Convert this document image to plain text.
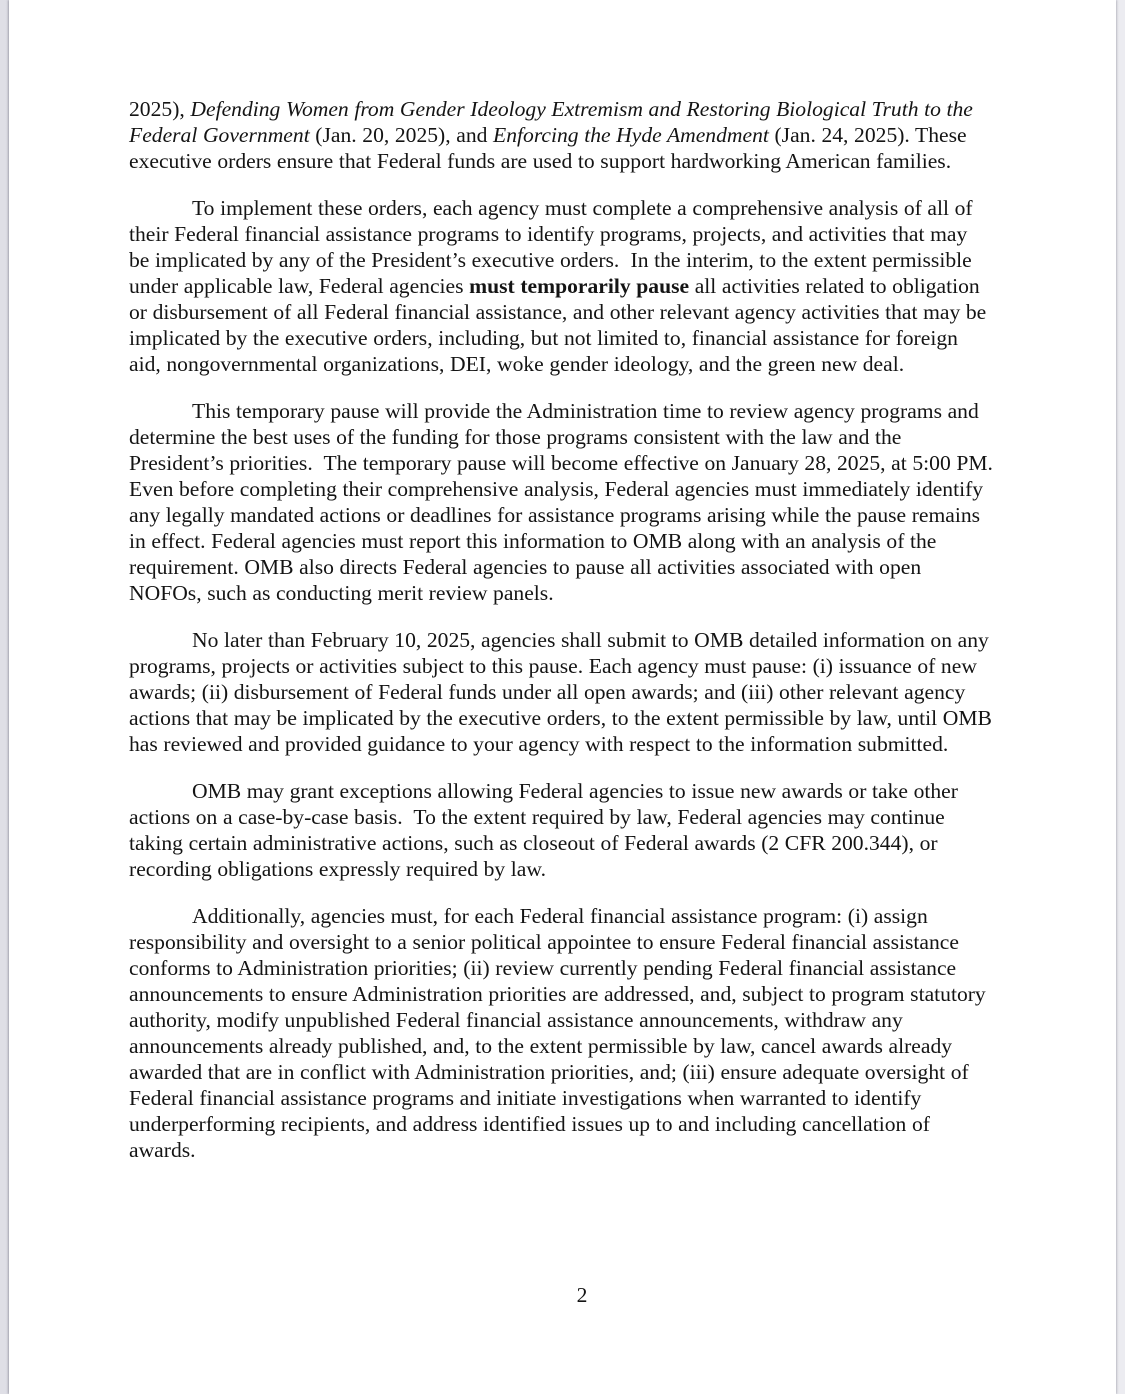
2025), Defending Women from Gender Ideology Extremism and Restoring Biological Truth to the Federal Government (Jan. 20, 2025), and Enforcing the Hyde Amendment (Jan. 24, 2025). These executive orders ensure that Federal funds are used to support hardworking American families.

To implement these orders, each agency must complete a comprehensive analysis of all of their Federal financial assistance programs to identify programs, projects, and activities that may be implicated by any of the President’s executive orders.  In the interim, to the extent permissible under applicable law, Federal agencies must temporarily pause all activities related to obligation or disbursement of all Federal financial assistance, and other relevant agency activities that may be implicated by the executive orders, including, but not limited to, financial assistance for foreign aid, nongovernmental organizations, DEI, woke gender ideology, and the green new deal.

This temporary pause will provide the Administration time to review agency programs and determine the best uses of the funding for those programs consistent with the law and the President’s priorities.  The temporary pause will become effective on January 28, 2025, at 5:00 PM. Even before completing their comprehensive analysis, Federal agencies must immediately identify any legally mandated actions or deadlines for assistance programs arising while the pause remains in effect. Federal agencies must report this information to OMB along with an analysis of the requirement. OMB also directs Federal agencies to pause all activities associated with open NOFOs, such as conducting merit review panels.

No later than February 10, 2025, agencies shall submit to OMB detailed information on any programs, projects or activities subject to this pause. Each agency must pause: (i) issuance of new awards; (ii) disbursement of Federal funds under all open awards; and (iii) other relevant agency actions that may be implicated by the executive orders, to the extent permissible by law, until OMB has reviewed and provided guidance to your agency with respect to the information submitted.

OMB may grant exceptions allowing Federal agencies to issue new awards or take other actions on a case-by-case basis.  To the extent required by law, Federal agencies may continue taking certain administrative actions, such as closeout of Federal awards (2 CFR 200.344), or recording obligations expressly required by law.

Additionally, agencies must, for each Federal financial assistance program: (i) assign responsibility and oversight to a senior political appointee to ensure Federal financial assistance conforms to Administration priorities; (ii) review currently pending Federal financial assistance announcements to ensure Administration priorities are addressed, and, subject to program statutory authority, modify unpublished Federal financial assistance announcements, withdraw any announcements already published, and, to the extent permissible by law, cancel awards already awarded that are in conflict with Administration priorities, and; (iii) ensure adequate oversight of Federal financial assistance programs and initiate investigations when warranted to identify underperforming recipients, and address identified issues up to and including cancellation of awards.

2
